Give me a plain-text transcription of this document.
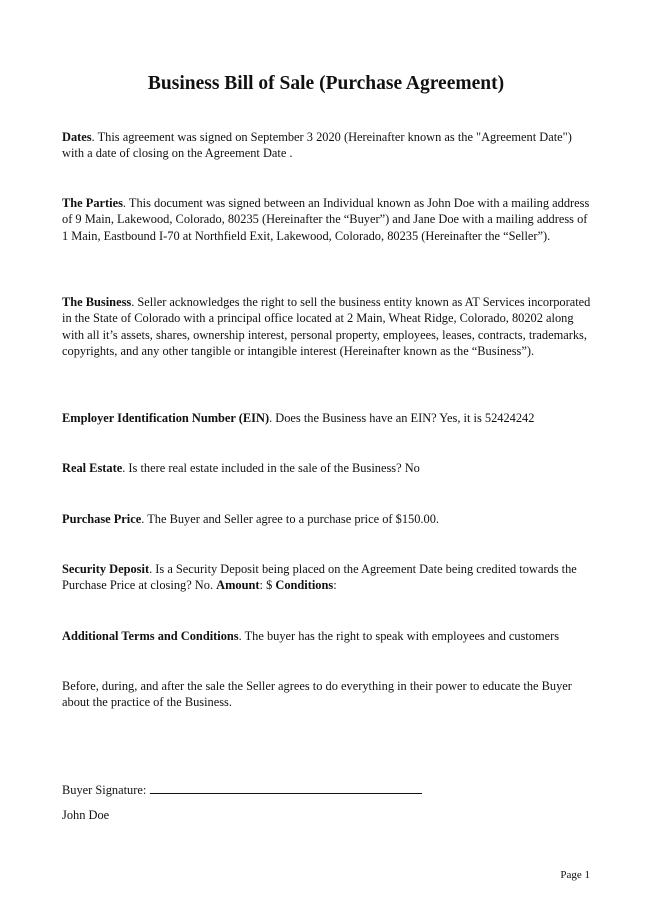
Business Bill of Sale (Purchase Agreement)

Dates. This agreement was signed on September 3 2020 (Hereinafter known as the "Agreement Date") with a date of closing on the Agreement Date .

The Parties. This document was signed between an Individual known as John Doe with a mailing address of 9 Main, Lakewood, Colorado, 80235 (Hereinafter the “Buyer”) and Jane Doe with a mailing address of 1 Main, Eastbound I-70 at Northfield Exit, Lakewood, Colorado, 80235 (Hereinafter the “Seller”).

The Business. Seller acknowledges the right to sell the business entity known as AT Services incorporated in the State of Colorado with a principal office located at 2 Main, Wheat Ridge, Colorado, 80202 along with all it’s assets, shares, ownership interest, personal property, employees, leases, contracts, trademarks, copyrights, and any other tangible or intangible interest (Hereinafter known as the “Business”).

Employer Identification Number (EIN). Does the Business have an EIN? Yes, it is 52424242

Real Estate. Is there real estate included in the sale of the Business? No

Purchase Price. The Buyer and Seller agree to a purchase price of $150.00.

Security Deposit. Is a Security Deposit being placed on the Agreement Date being credited towards the Purchase Price at closing? No. Amount: $ Conditions:

Additional Terms and Conditions. The buyer has the right to speak with employees and customers

Before, during, and after the sale the Seller agrees to do everything in their power to educate the Buyer about the practice of the Business.

Buyer Signature:

John Doe

Page 1
